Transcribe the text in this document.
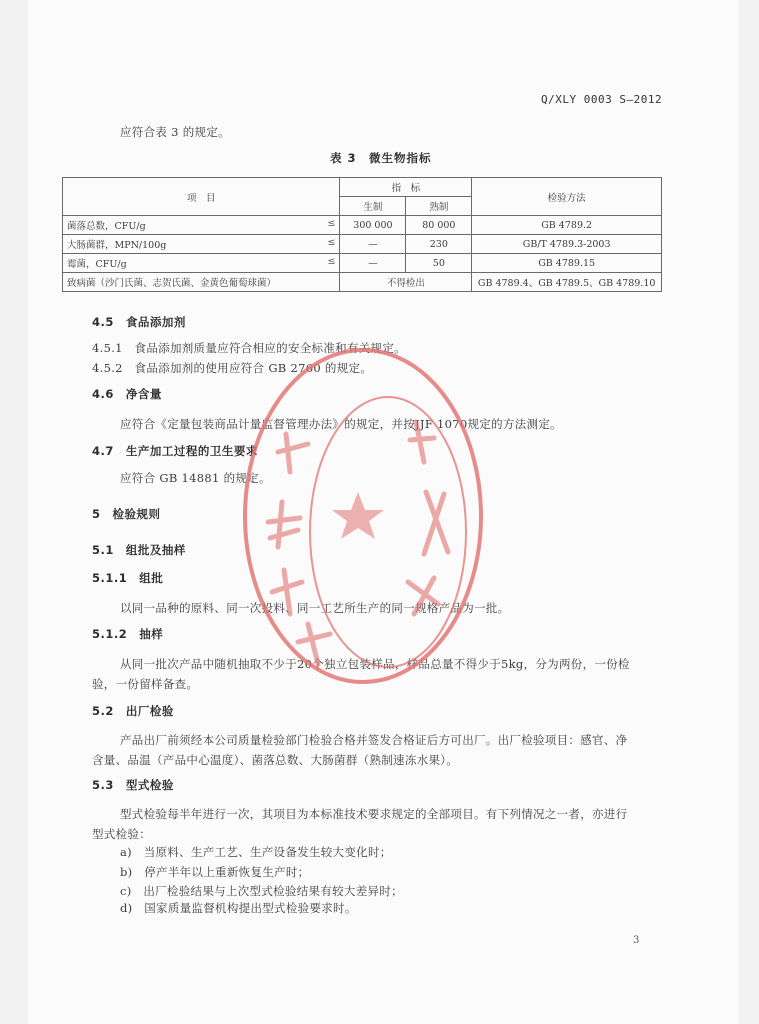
Q/XLY 0003 S—2012
应符合表 3 的规定。
表 3　微生物指标
项　目	指　标		检验方法
	生制	熟制	
菌落总数，CFU/g ≤	300 000	80 000	GB 4789.2
大肠菌群，MPN/100g ≤	—	230	GB/T 4789.3-2003
霉菌，CFU/g ≤	—	50	GB 4789.15
致病菌（沙门氏菌、志贺氏菌、金黄色葡萄球菌）	不得检出		GB 4789.4、GB 4789.5、GB 4789.10
4.5　食品添加剂
4.5.1　食品添加剂质量应符合相应的安全标准和有关规定。
4.5.2　食品添加剂的使用应符合 GB 2760 的规定。
4.6　净含量
应符合《定量包装商品计量监督管理办法》的规定，并按JJF 1070规定的方法测定。
4.7　生产加工过程的卫生要求
应符合 GB 14881 的规定。
5　检验规则
5.1　组批及抽样
5.1.1　组批
以同一品种的原料、同一次投料、同一工艺所生产的同一规格产品为一批。
5.1.2　抽样
从同一批次产品中随机抽取不少于20个独立包装样品，样品总量不得少于5kg，分为两份，一份检
验，一份留样备查。
5.2　出厂检验
产品出厂前须经本公司质量检验部门检验合格并签发合格证后方可出厂。出厂检验项目：感官、净
含量、品温（产品中心温度）、菌落总数、大肠菌群（熟制速冻水果）。
5.3　型式检验
型式检验每半年进行一次，其项目为本标准技术要求规定的全部项目。有下列情况之一者，亦进行
型式检验：
a)　当原料、生产工艺、生产设备发生较大变化时；
b)　停产半年以上重新恢复生产时；
c)　出厂检验结果与上次型式检验结果有较大差异时；
d)　国家质量监督机构提出型式检验要求时。
3
